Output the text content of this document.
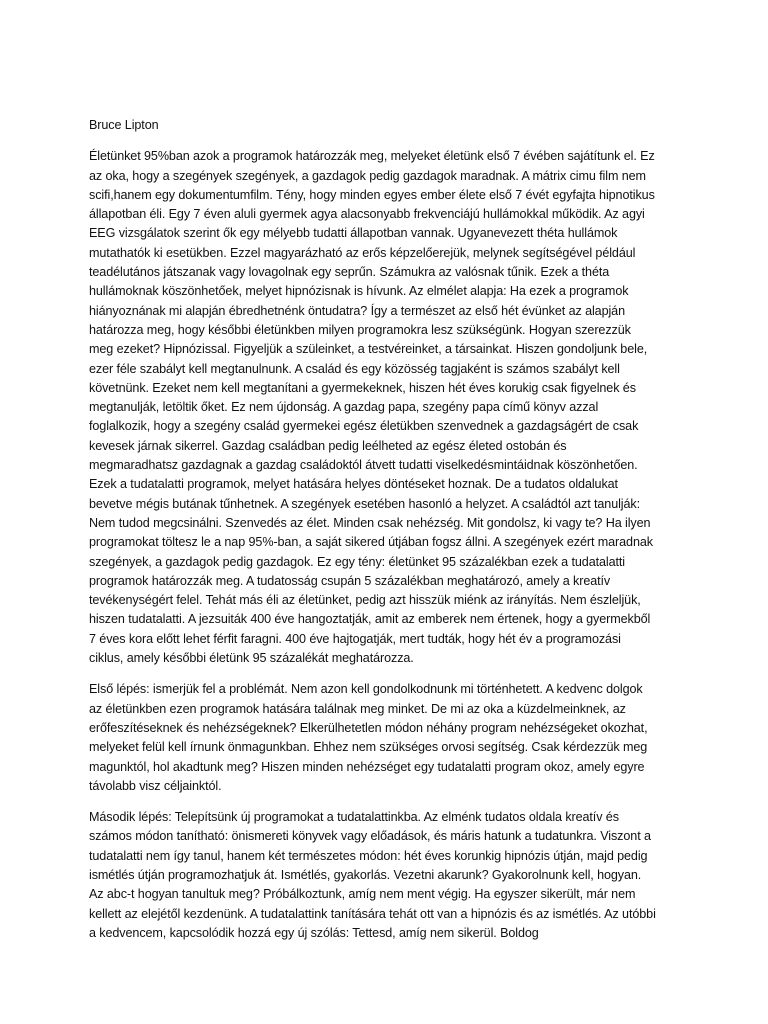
Bruce Lipton

Életünket 95%ban azok a programok határozzák meg, melyeket életünk első 7 évében sajátítunk el. Ez az oka, hogy a szegények szegények, a gazdagok pedig gazdagok maradnak. A mátrix cimu film nem scifi,hanem egy dokumentumfilm. Tény, hogy minden egyes ember élete első 7 évét egyfajta hipnotikus állapotban éli. Egy 7 éven aluli gyermek agya alacsonyabb frekvenciájú hullámokkal működik. Az agyi EEG vizsgálatok szerint ők egy mélyebb tudatti állapotban vannak. Ugyanevezett théta hullámok mutathatók ki esetükben. Ezzel magyarázható az erős képzelőerejük, melynek segítségével például teadélutános játszanak vagy lovagolnak egy seprűn. Számukra az valósnak tűnik. Ezek a théta hullámoknak köszönhetőek, melyet hipnózisnak is hívunk. Az elmélet alapja: Ha ezek a programok hiányoznának mi alapján ébredhetnénk öntudatra? Így a természet az első hét évünket az alapján határozza meg, hogy későbbi életünkben milyen programokra lesz szükségünk. Hogyan szerezzük meg ezeket? Hipnózissal. Figyeljük a szüleinket, a testvéreinket, a társainkat. Hiszen gondoljunk bele, ezer féle szabályt kell megtanulnunk. A család és egy közösség tagjaként is számos szabályt kell követnünk. Ezeket nem kell megtanítani a gyermekeknek, hiszen hét éves korukig csak figyelnek és megtanulják, letöltik őket. Ez nem újdonság. A gazdag papa, szegény papa című könyv azzal foglalkozik, hogy a szegény család gyermekei egész életükben szenvednek a gazdagságért de csak kevesek járnak sikerrel. Gazdag családban pedig leélheted az egész életed ostobán és megmaradhatsz gazdagnak a gazdag családoktól átvett tudatti viselkedésmintáidnak köszönhetően. Ezek a tudatalatti programok, melyet hatására helyes döntéseket hoznak. De a tudatos oldalukat bevetve mégis butának tűnhetnek. A szegények esetében hasonló a helyzet. A családtól azt tanulják: Nem tudod megcsinálni. Szenvedés az élet. Minden csak nehézség. Mit gondolsz, ki vagy te? Ha ilyen programokat töltesz le a nap 95%-ban, a saját sikered útjában fogsz állni. A szegények ezért maradnak szegények, a gazdagok pedig gazdagok. Ez egy tény: életünket 95 százalékban ezek a tudatalatti programok határozzák meg. A tudatosság csupán 5 százalékban meghatározó, amely a kreatív tevékenységért felel. Tehát más éli az életünket, pedig azt hisszük miénk az irányítás. Nem észleljük, hiszen tudatalatti. A jezsuiták 400 éve hangoztatják, amit az emberek nem értenek, hogy a gyermekből 7 éves kora előtt lehet férfit faragni. 400 éve hajtogatják, mert tudták, hogy hét év a programozási ciklus, amely későbbi életünk 95 százalékát meghatározza.

Első lépés: ismerjük fel a problémát. Nem azon kell gondolkodnunk mi történhetett. A kedvenc dolgok az életünkben ezen programok hatására találnak meg minket. De mi az oka a küzdelmeinknek, az erőfeszítéseknek és nehézségeknek? Elkerülhetetlen módon néhány program nehézségeket okozhat, melyeket felül kell írnunk önmagunkban. Ehhez nem szükséges orvosi segítség. Csak kérdezzük meg magunktól, hol akadtunk meg? Hiszen minden nehézséget egy tudatalatti program okoz, amely egyre távolabb visz céljainktól.

Második lépés: Telepítsünk új programokat a tudatalattinkba. Az elménk tudatos oldala kreatív és számos módon tanítható: önismereti könyvek vagy előadások, és máris hatunk a tudatunkra. Viszont a tudatalatti nem így tanul, hanem két természetes módon: hét éves korunkig hipnózis útján, majd pedig ismétlés útján programozhatjuk át. Ismétlés, gyakorlás. Vezetni akarunk? Gyakorolnunk kell, hogyan. Az abc-t hogyan tanultuk meg? Próbálkoztunk, amíg nem ment végig. Ha egyszer sikerült, már nem kellett az elejétől kezdenünk. A tudatalattink tanítására tehát ott van a hipnózis és az ismétlés. Az utóbbi a kedvencem, kapcsolódik hozzá egy új szólás: Tettesd, amíg nem sikerül. Boldog
